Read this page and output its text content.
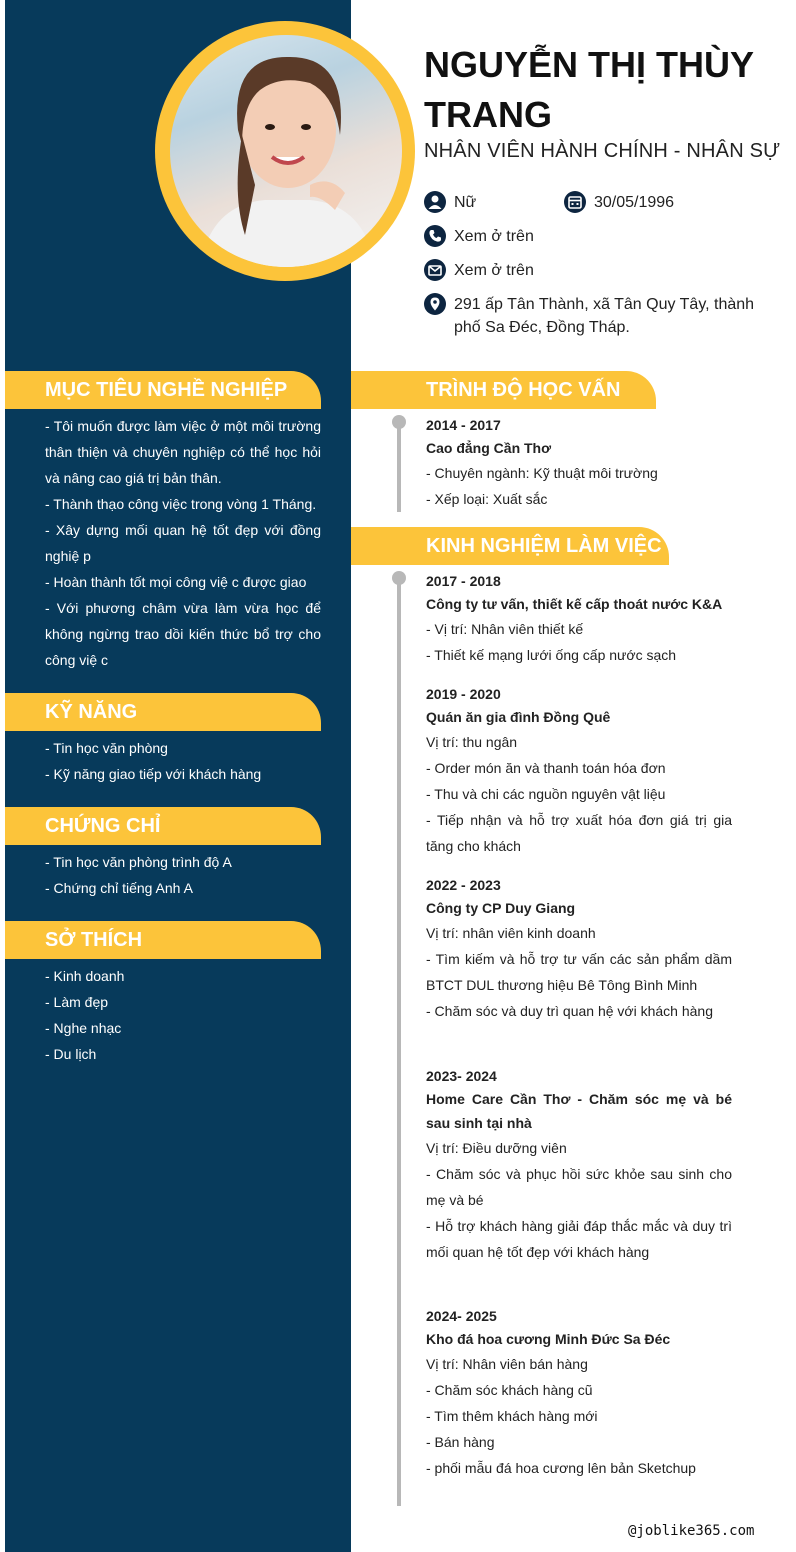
NGUYỄN THỊ THÙY TRANG
NHÂN VIÊN HÀNH CHÍNH - NHÂN SỰ
Nữ	30/05/1996
Xem ở trên
Xem ở trên
291 ấp Tân Thành, xã Tân Quy Tây, thành phố Sa Đéc, Đồng Tháp.
MỤC TIÊU NGHỀ NGHIỆP
- Tôi muốn được làm việc ở một môi trường thân thiện và chuyên nghiệp có thể học hỏi và nâng cao giá trị bản thân.
- Thành thạo công việc trong vòng 1 Tháng.
- Xây dựng mối quan hệ tốt đẹp với đồng nghiệ p
- Hoàn thành tốt mọi công việ c được giao
- Với phương châm vừa làm vừa học để không ngừng trao dồi kiến thức bổ trợ cho công việ c
KỸ NĂNG
- Tin học văn phòng
- Kỹ năng giao tiếp với khách hàng
CHỨNG CHỈ
- Tin học văn phòng trình độ A
- Chứng chỉ tiếng Anh A
SỞ THÍCH
- Kinh doanh
- Làm đẹp
- Nghe nhạc
- Du lịch
TRÌNH ĐỘ HỌC VẤN
2014 - 2017
Cao đẳng Cần Thơ
- Chuyên ngành: Kỹ thuật môi trường
- Xếp loại: Xuất sắc
KINH NGHIỆM LÀM VIỆC
2017 - 2018
Công ty tư vấn, thiết kế cấp thoát nước K&A
- Vị trí: Nhân viên thiết kế
- Thiết kế mạng lưới ống cấp nước sạch
2019 - 2020
Quán ăn gia đình Đồng Quê
Vị trí: thu ngân
- Order món ăn và thanh toán hóa đơn
- Thu và chi các nguồn nguyên vật liệu
- Tiếp nhận và hỗ trợ xuất hóa đơn giá trị gia tăng cho khách
2022 - 2023
Công ty CP Duy Giang
Vị trí: nhân viên kinh doanh
- Tìm kiếm và hỗ trợ tư vấn các sản phẩm dầm BTCT DUL thương hiệu Bê Tông Bình Minh
- Chăm sóc và duy trì quan hệ với khách hàng
2023- 2024
Home Care Cần Thơ - Chăm sóc mẹ và bé sau sinh tại nhà
Vị trí: Điều dưỡng viên
- Chăm sóc và phục hồi sức khỏe sau sinh cho mẹ và bé
- Hỗ trợ khách hàng giải đáp thắc mắc và duy trì mối quan hệ tốt đẹp với khách hàng
2024- 2025
Kho đá hoa cương Minh Đức Sa Đéc
Vị trí: Nhân viên bán hàng
- Chăm sóc khách hàng cũ
- Tìm thêm khách hàng mới
- Bán hàng
- phối mẫu đá hoa cương lên bản Sketchup
@joblike365.com
